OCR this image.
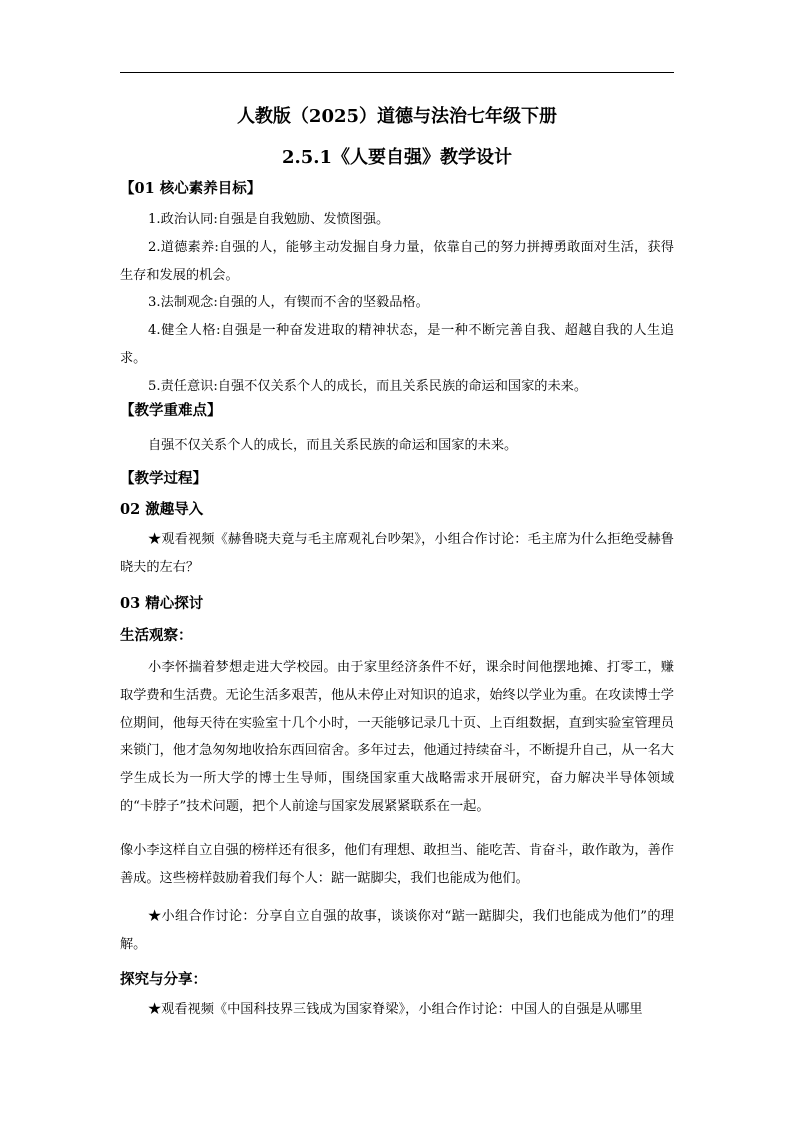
人教版（2025）道德与法治七年级下册
2.5.1《人要自强》教学设计
【01 核心素养目标】
1.政治认同:自强是自我勉励、发愤图强。
2.道德素养:自强的人，能够主动发掘自身力量，依靠自己的努力拼搏勇敢面对生活，获得生存和发展的机会。
3.法制观念:自强的人，有锲而不舍的坚毅品格。
4.健全人格:自强是一种奋发进取的精神状态，是一种不断完善自我、超越自我的人生追求。
5.责任意识:自强不仅关系个人的成长，而且关系民族的命运和国家的未来。
【教学重难点】
自强不仅关系个人的成长，而且关系民族的命运和国家的未来。
【教学过程】
02 激趣导入
★观看视频《赫鲁晓夫竟与毛主席观礼台吵架》，小组合作讨论：毛主席为什么拒绝受赫鲁晓夫的左右？
03 精心探讨
生活观察：
小李怀揣着梦想走进大学校园。由于家里经济条件不好，课余时间他摆地摊、打零工，赚取学费和生活费。无论生活多艰苦，他从未停止对知识的追求，始终以学业为重。在攻读博士学位期间，他每天待在实验室十几个小时，一天能够记录几十页、上百组数据，直到实验室管理员来锁门，他才急匆匆地收拾东西回宿舍。多年过去，他通过持续奋斗，不断提升自己，从一名大学生成长为一所大学的博士生导师，围绕国家重大战略需求开展研究，奋力解决半导体领域的“卡脖子”技术问题，把个人前途与国家发展紧紧联系在一起。
像小李这样自立自强的榜样还有很多，他们有理想、敢担当、能吃苦、肯奋斗，敢作敢为，善作善成。这些榜样鼓励着我们每个人：踮一踮脚尖，我们也能成为他们。
★小组合作讨论：分享自立自强的故事，谈谈你对“踮一踮脚尖，我们也能成为他们”的理解。
探究与分享：
★观看视频《中国科技界三钱成为国家脊梁》，小组合作讨论：中国人的自强是从哪里
